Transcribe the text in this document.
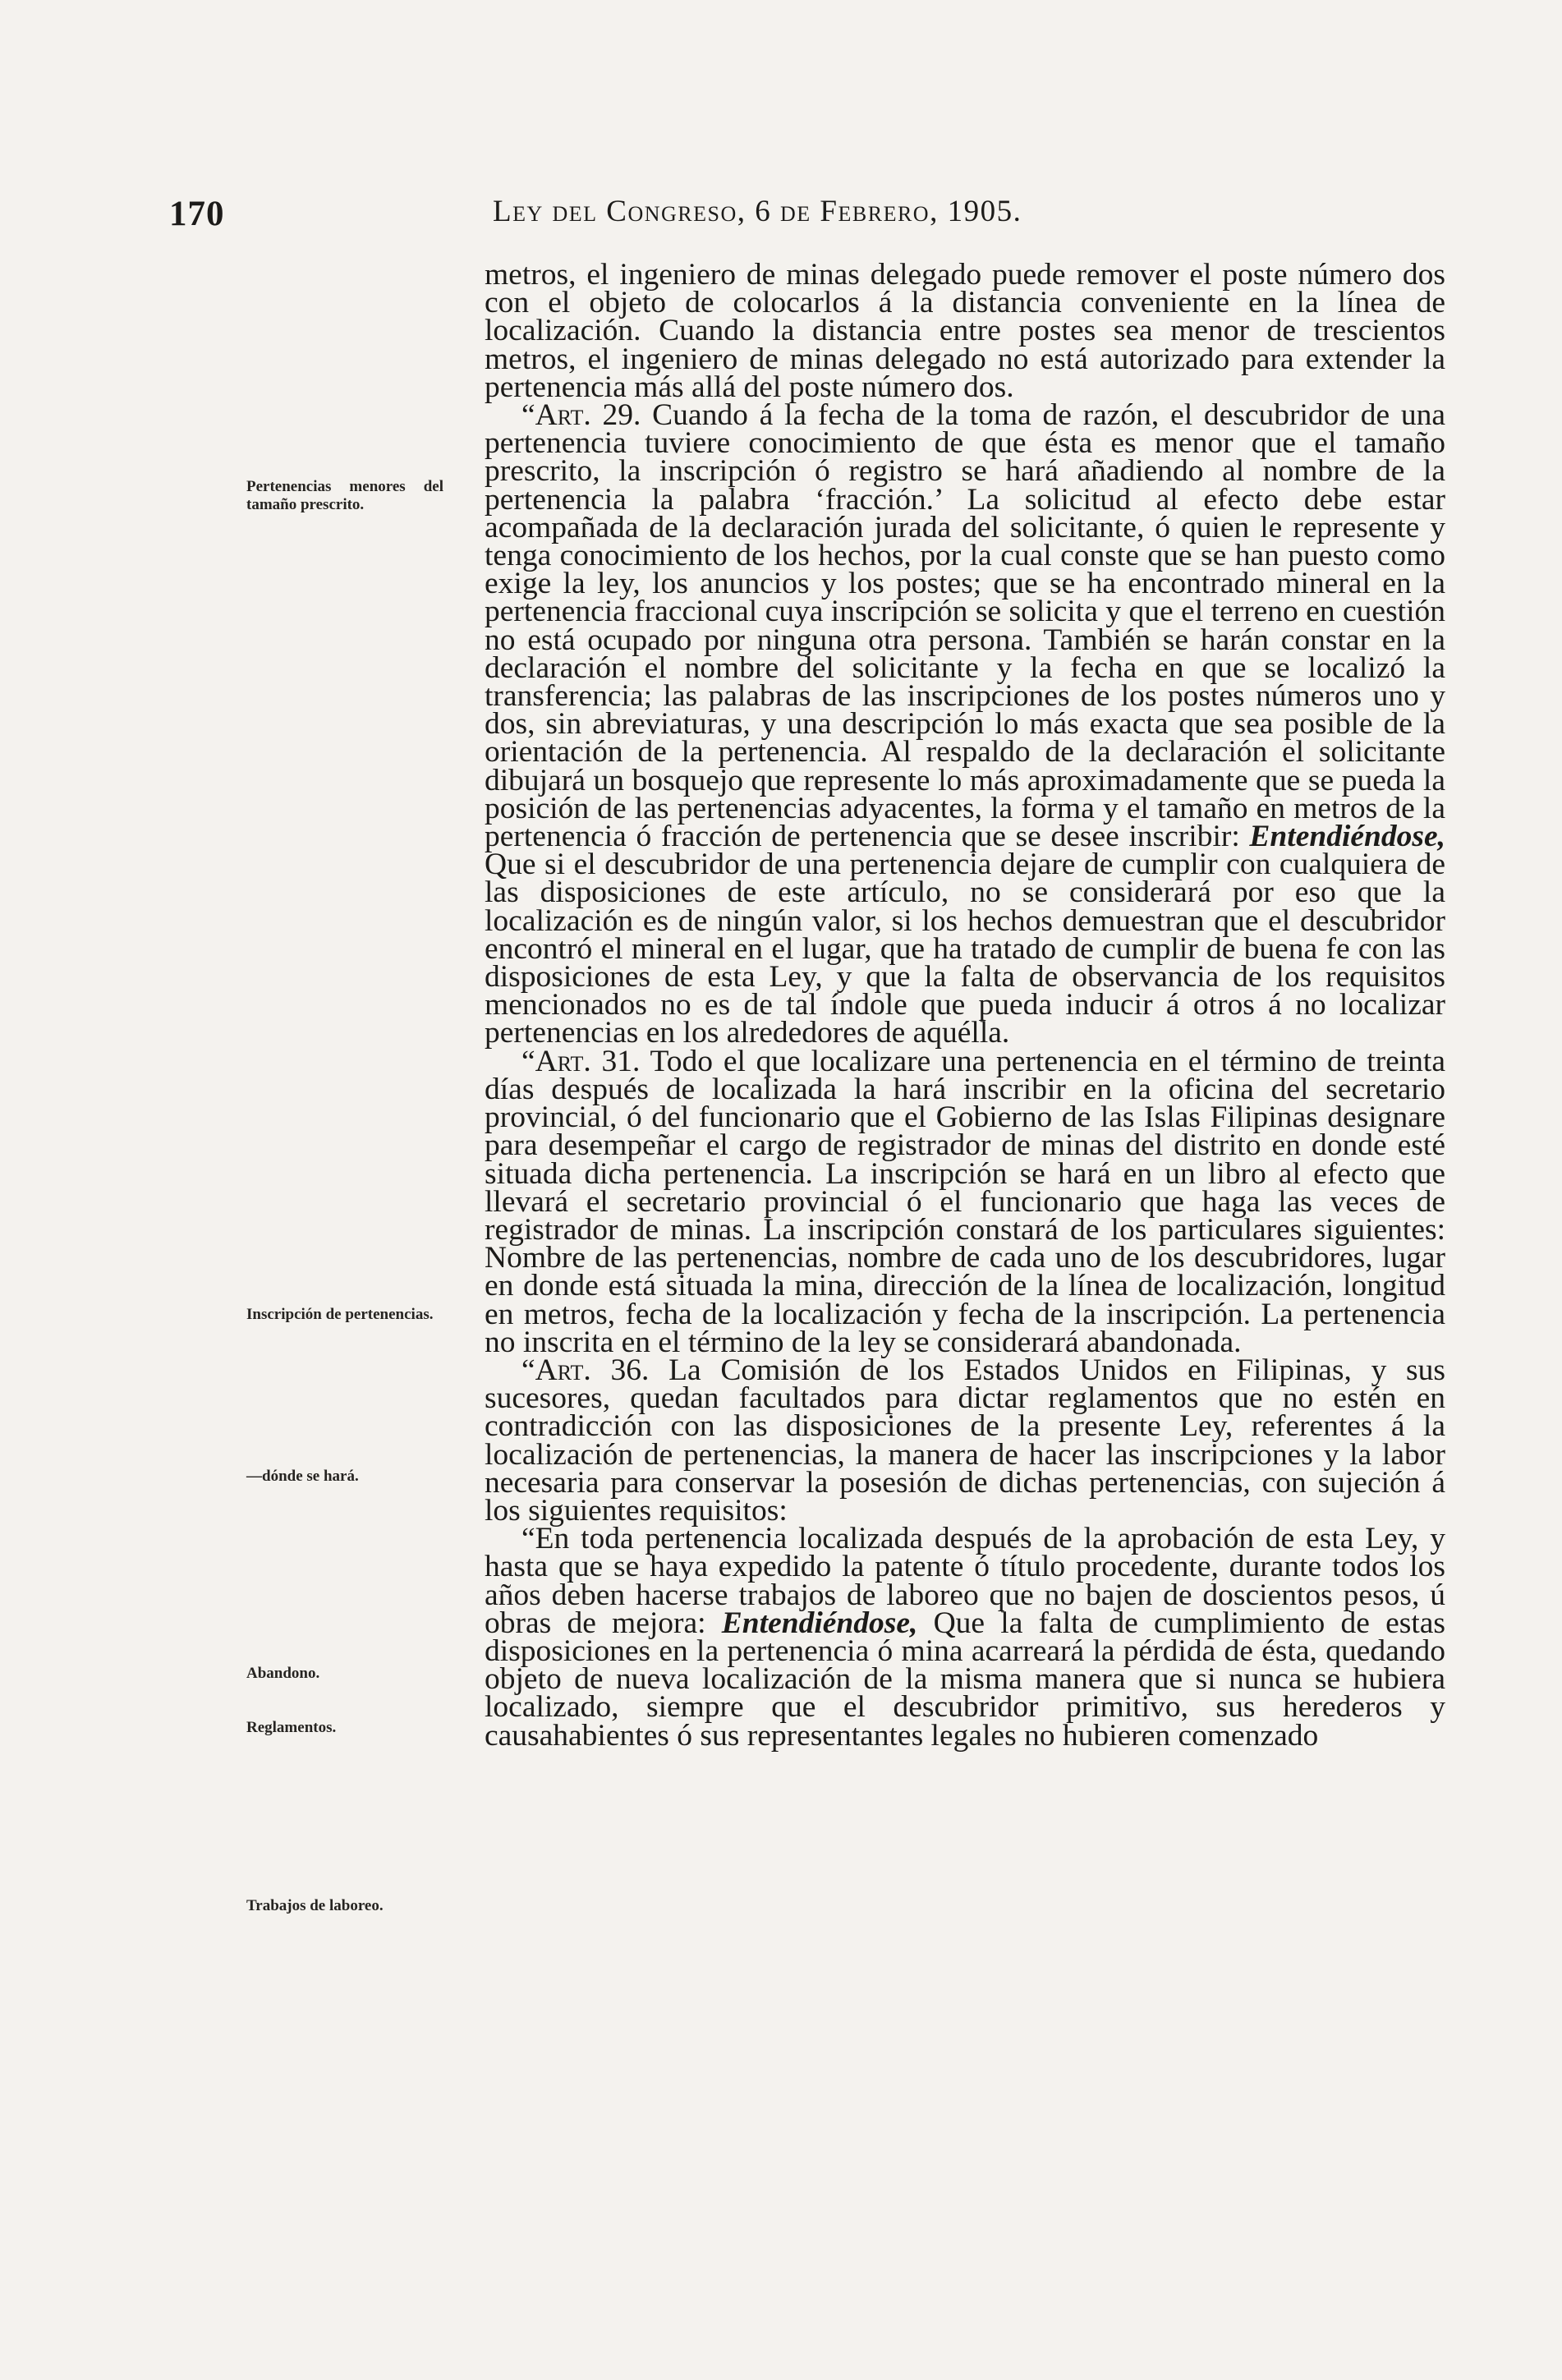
170	Ley del Congreso, 6 de Febrero, 1905.
Pertenencias menores del tamaño prescrito.
Inscripción de pertenencias.
—dónde se hará.
Abandono.
Reglamentos.
Trabajos de laboreo.

metros, el ingeniero de minas delegado puede remover el poste número dos con el objeto de colocarlos á la distancia conveniente en la línea de localización. Cuando la distancia entre postes sea menor de trescientos metros, el ingeniero de minas delegado no está autorizado para extender la pertenencia más allá del poste número dos.

“Art. 29. Cuando á la fecha de la toma de razón, el descubridor de una pertenencia tuviere conocimiento de que ésta es menor que el tamaño prescrito, la inscripción ó registro se hará añadiendo al nombre de la pertenencia la palabra ‘fracción.’ La solicitud al efecto debe estar acompañada de la declaración jurada del solicitante, ó quien le represente y tenga conocimiento de los hechos, por la cual conste que se han puesto como exige la ley, los anuncios y los postes; que se ha encontrado mineral en la pertenencia fraccional cuya inscripción se solicita y que el terreno en cuestión no está ocupado por ninguna otra persona. También se harán constar en la declaración el nombre del solicitante y la fecha en que se localizó la transferencia; las palabras de las inscripciones de los postes números uno y dos, sin abreviaturas, y una descripción lo más exacta que sea posible de la orientación de la pertenencia. Al respaldo de la declaración el solicitante dibujará un bosquejo que represente lo más aproximadamente que se pueda la posición de las pertenencias adyacentes, la forma y el tamaño en metros de la pertenencia ó fracción de pertenencia que se desee inscribir: Entendiéndose, Que si el descubridor de una pertenencia dejare de cumplir con cualquiera de las disposiciones de este artículo, no se considerará por eso que la localización es de ningún valor, si los hechos demuestran que el descubridor encontró el mineral en el lugar, que ha tratado de cumplir de buena fe con las disposiciones de esta Ley, y que la falta de observancia de los requisitos mencionados no es de tal índole que pueda inducir á otros á no localizar pertenencias en los alrededores de aquélla.

“Art. 31. Todo el que localizare una pertenencia en el término de treinta días después de localizada la hará inscribir en la oficina del secretario provincial, ó del funcionario que el Gobierno de las Islas Filipinas designare para desempeñar el cargo de registrador de minas del distrito en donde esté situada dicha pertenencia. La inscripción se hará en un libro al efecto que llevará el secretario provincial ó el funcionario que haga las veces de registrador de minas. La inscripción constará de los particulares siguientes: Nombre de las pertenencias, nombre de cada uno de los descubridores, lugar en donde está situada la mina, dirección de la línea de localización, longitud en metros, fecha de la localización y fecha de la inscripción. La pertenencia no inscrita en el término de la ley se considerará abandonada.

“Art. 36. La Comisión de los Estados Unidos en Filipinas, y sus sucesores, quedan facultados para dictar reglamentos que no estén en contradicción con las disposiciones de la presente Ley, referentes á la localización de pertenencias, la manera de hacer las inscripciones y la labor necesaria para conservar la posesión de dichas pertenencias, con sujeción á los siguientes requisitos:

“En toda pertenencia localizada después de la aprobación de esta Ley, y hasta que se haya expedido la patente ó título procedente, durante todos los años deben hacerse trabajos de laboreo que no bajen de doscientos pesos, ú obras de mejora: Entendiéndose, Que la falta de cumplimiento de estas disposiciones en la pertenencia ó mina acarreará la pérdida de ésta, quedando objeto de nueva localización de la misma manera que si nunca se hubiera localizado, siempre que el descubridor primitivo, sus herederos y causahabientes ó sus representantes legales no hubieren comenzado
